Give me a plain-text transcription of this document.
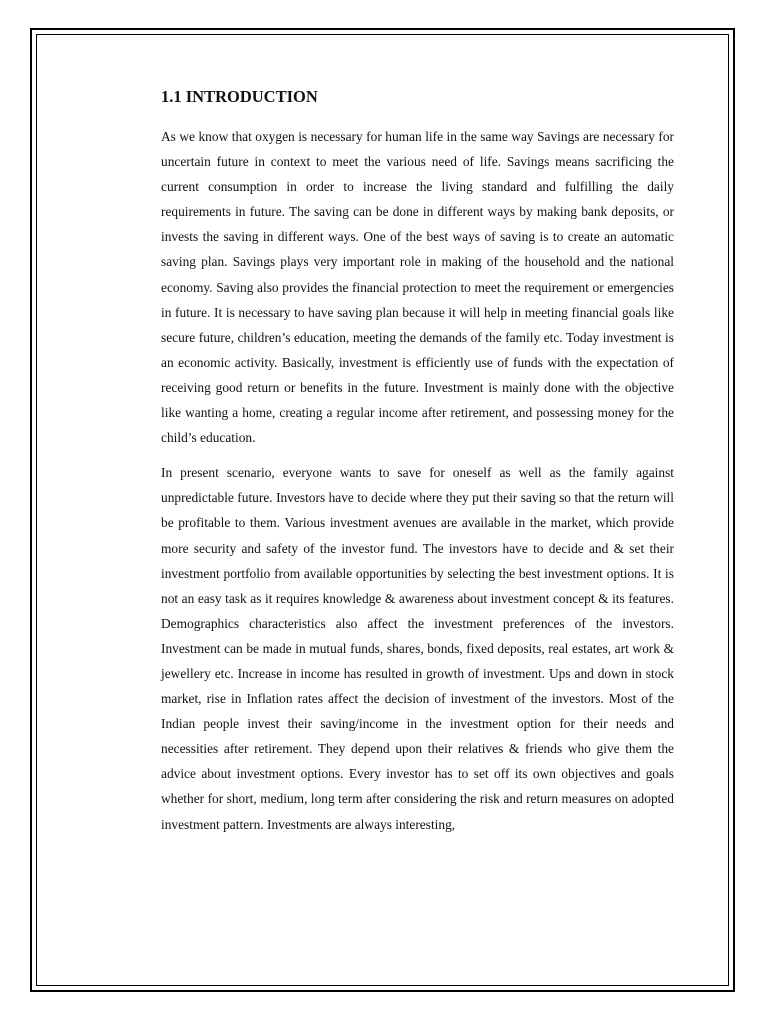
1.1 INTRODUCTION

As we know that oxygen is necessary for human life in the same way Savings are necessary for uncertain future in context to meet the various need of life. Savings means sacrificing the current consumption in order to increase the living standard and fulfilling the daily requirements in future. The saving can be done in different ways by making bank deposits, or invests the saving in different ways. One of the best ways of saving is to create an automatic saving plan. Savings plays very important role in making of the household and the national economy. Saving also provides the financial protection to meet the requirement or emergencies in future. It is necessary to have saving plan because it will help in meeting financial goals like secure future, children’s education, meeting the demands of the family etc. Today investment is an economic activity. Basically, investment is efficiently use of funds with the expectation of receiving good return or benefits in the future. Investment is mainly done with the objective like wanting a home, creating a regular income after retirement, and possessing money for the child’s education.

In present scenario, everyone wants to save for oneself as well as the family against unpredictable future. Investors have to decide where they put their saving so that the return will be profitable to them. Various investment avenues are available in the market, which provide more security and safety of the investor fund. The investors have to decide and & set their investment portfolio from available opportunities by selecting the best investment options. It is not an easy task as it requires knowledge & awareness about investment concept & its features. Demographics characteristics also affect the investment preferences of the investors. Investment can be made in mutual funds, shares, bonds, fixed deposits, real estates, art work & jewellery etc. Increase in income has resulted in growth of investment. Ups and down in stock market, rise in Inflation rates affect the decision of investment of the investors. Most of the Indian people invest their saving/income in the investment option for their needs and necessities after retirement. They depend upon their relatives & friends who give them the advice about investment options. Every investor has to set off its own objectives and goals whether for short, medium, long term after considering the risk and return measures on adopted investment pattern. Investments are always interesting,
